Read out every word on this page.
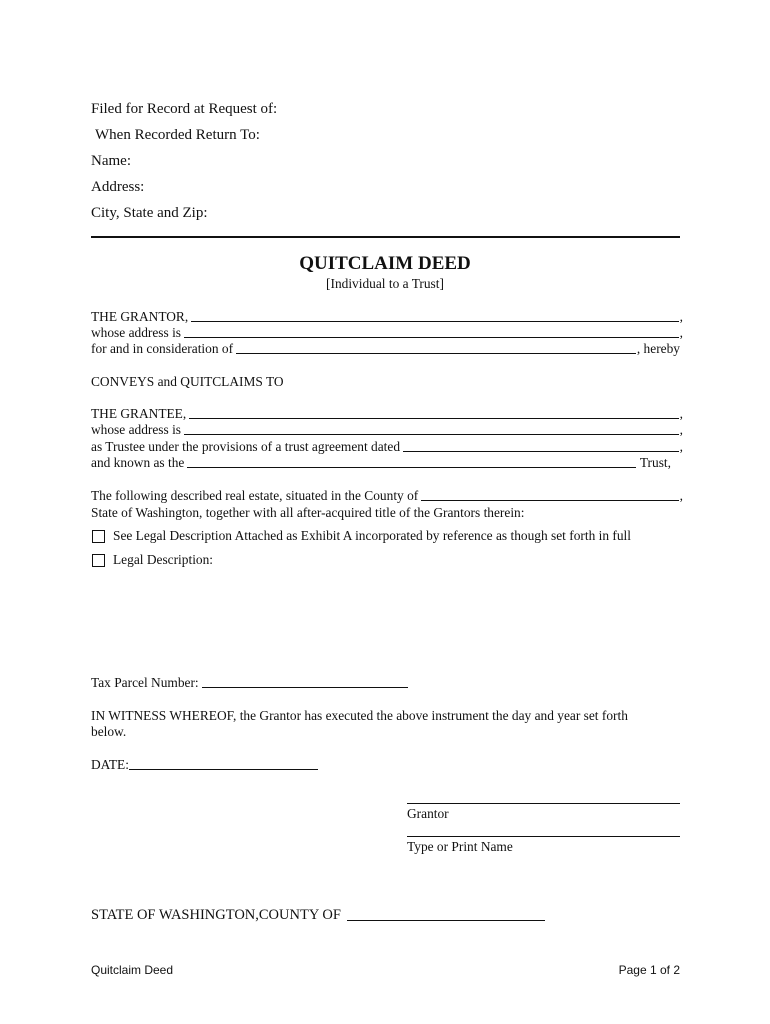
Filed for Record at Request of:
When Recorded Return To:
Name:
Address:
City, State and Zip:
QUITCLAIM DEED
[Individual to a Trust]
THE GRANTOR,	,
whose address is	,
for and in consideration of	, hereby
CONVEYS and QUITCLAIMS TO
THE GRANTEE,	,
whose address is	,
as Trustee under the provisions of a trust agreement dated	,
and known as the	Trust,
The following described real estate, situated in the County of	,
State of Washington, together with all after-acquired title of the Grantors therein:
See Legal Description Attached as Exhibit A incorporated by reference as though set forth in full
Legal Description:
Tax Parcel Number:
IN WITNESS WHEREOF, the Grantor has executed the above instrument the day and year set forth
below.
DATE:
Grantor
Type or Print Name
STATE OF WASHINGTON,COUNTY OF
Quitclaim Deed	Page 1 of 2
